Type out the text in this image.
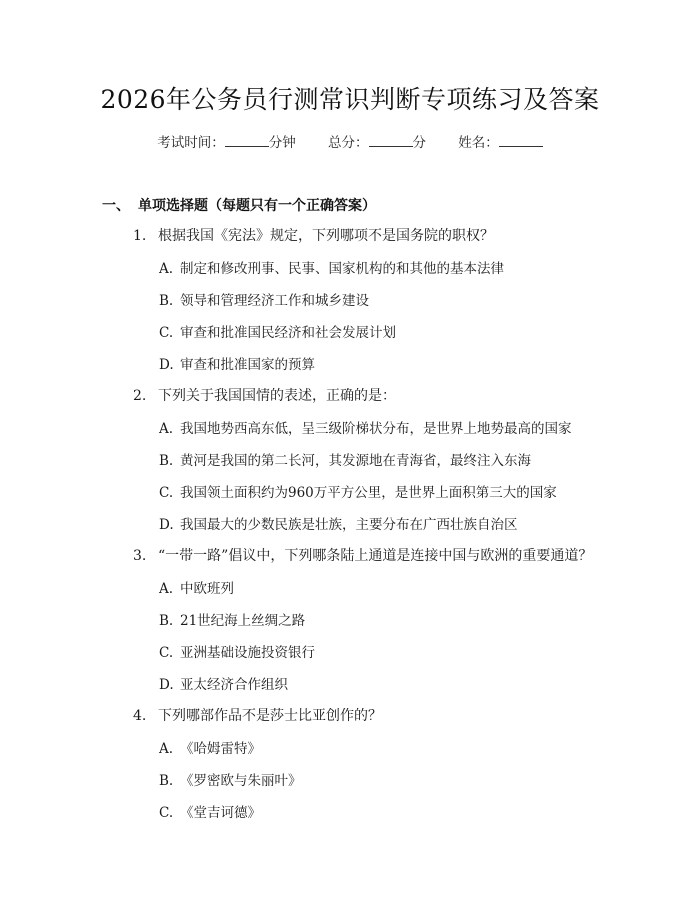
2026年公务员行测常识判断专项练习及答案
考试时间：	分钟 总分：	分 姓名：
一、 单项选择题（每题只有一个正确答案）
1. 根据我国《宪法》规定，下列哪项不是国务院的职权？
A. 制定和修改刑事、民事、国家机构的和其他的基本法律
B. 领导和管理经济工作和城乡建设
C. 审查和批准国民经济和社会发展计划
D. 审查和批准国家的预算
2. 下列关于我国国情的表述，正确的是：
A. 我国地势西高东低，呈三级阶梯状分布，是世界上地势最高的国家
B. 黄河是我国的第二长河，其发源地在青海省，最终注入东海
C. 我国领土面积约为960万平方公里，是世界上面积第三大的国家
D. 我国最大的少数民族是壮族，主要分布在广西壮族自治区
3. “一带一路”倡议中，下列哪条陆上通道是连接中国与欧洲的重要通道？
A. 中欧班列
B. 21世纪海上丝绸之路
C. 亚洲基础设施投资银行
D. 亚太经济合作组织
4. 下列哪部作品不是莎士比亚创作的？
A. 《哈姆雷特》
B. 《罗密欧与朱丽叶》
C. 《堂吉诃德》
